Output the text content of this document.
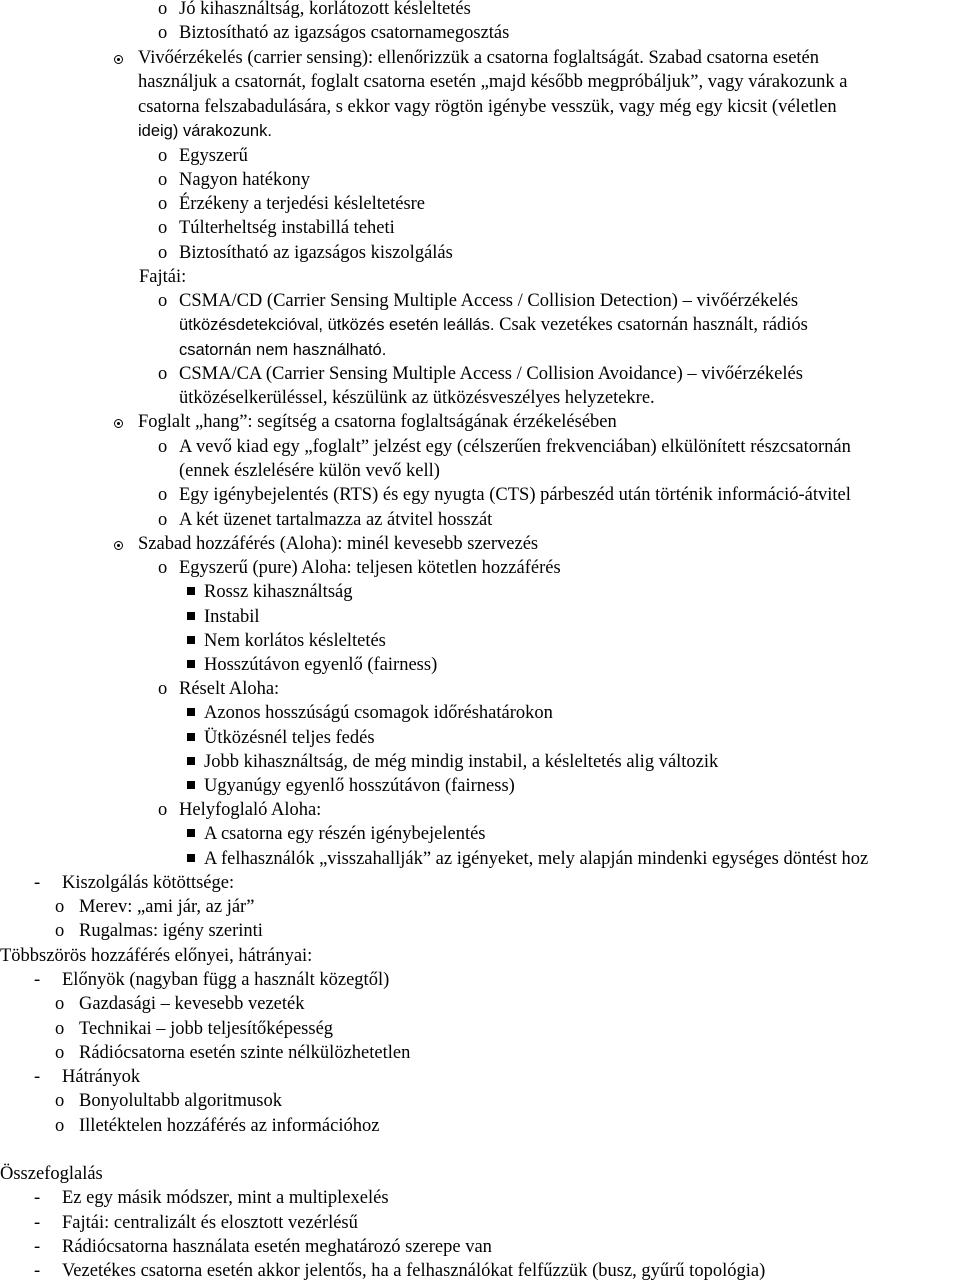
o Jó kihasználtság, korlátozott késleltetés
o Biztosítható az igazságos csatornamegosztás
Vivőérzékelés (carrier sensing): ellenőrizzük a csatorna foglaltságát. Szabad csatorna esetén
használjuk a csatornát, foglalt csatorna esetén „majd később megpróbáljuk”, vagy várakozunk a
csatorna felszabadulására, s ekkor vagy rögtön igénybe vesszük, vagy még egy kicsit (véletlen
ideig) várakozunk.
o Egyszerű
o Nagyon hatékony
o Érzékeny a terjedési késleltetésre
o Túlterheltség instabillá teheti
o Biztosítható az igazságos kiszolgálás
Fajtái:
o CSMA/CD (Carrier Sensing Multiple Access / Collision Detection) – vivőérzékelés
ütközésdetekcióval, ütközés esetén leállás. Csak vezetékes csatornán használt, rádiós
csatornán nem használható.
o CSMA/CA (Carrier Sensing Multiple Access / Collision Avoidance) – vivőérzékelés
ütközéselkerüléssel, készülünk az ütközésveszélyes helyzetekre.
Foglalt „hang”: segítség a csatorna foglaltságának érzékelésében
o A vevő kiad egy „foglalt” jelzést egy (célszerűen frekvenciában) elkülönített részcsatornán
(ennek észlelésére külön vevő kell)
o Egy igénybejelentés (RTS) és egy nyugta (CTS) párbeszéd után történik információ-átvitel
o A két üzenet tartalmazza az átvitel hosszát
Szabad hozzáférés (Aloha): minél kevesebb szervezés
o Egyszerű (pure) Aloha: teljesen kötetlen hozzáférés
Rossz kihasználtság
Instabil
Nem korlátos késleltetés
Hosszútávon egyenlő (fairness)
o Réselt Aloha:
Azonos hosszúságú csomagok időréshatárokon
Ütközésnél teljes fedés
Jobb kihasználtság, de még mindig instabil, a késleltetés alig változik
Ugyanúgy egyenlő hosszútávon (fairness)
o Helyfoglaló Aloha:
A csatorna egy részén igénybejelentés
A felhasználók „visszahallják” az igényeket, mely alapján mindenki egységes döntést hoz
- Kiszolgálás kötöttsége:
o Merev: „ami jár, az jár”
o Rugalmas: igény szerinti
Többszörös hozzáférés előnyei, hátrányai:
- Előnyök (nagyban függ a használt közegtől)
o Gazdasági – kevesebb vezeték
o Technikai – jobb teljesítőképesség
o Rádiócsatorna esetén szinte nélkülözhetetlen
- Hátrányok
o Bonyolultabb algoritmusok
o Illetéktelen hozzáférés az információhoz
Összefoglalás
- Ez egy másik módszer, mint a multiplexelés
- Fajtái: centralizált és elosztott vezérlésű
- Rádiócsatorna használata esetén meghatározó szerepe van
- Vezetékes csatorna esetén akkor jelentős, ha a felhasználókat felfűzzük (busz, gyűrű topológia)
